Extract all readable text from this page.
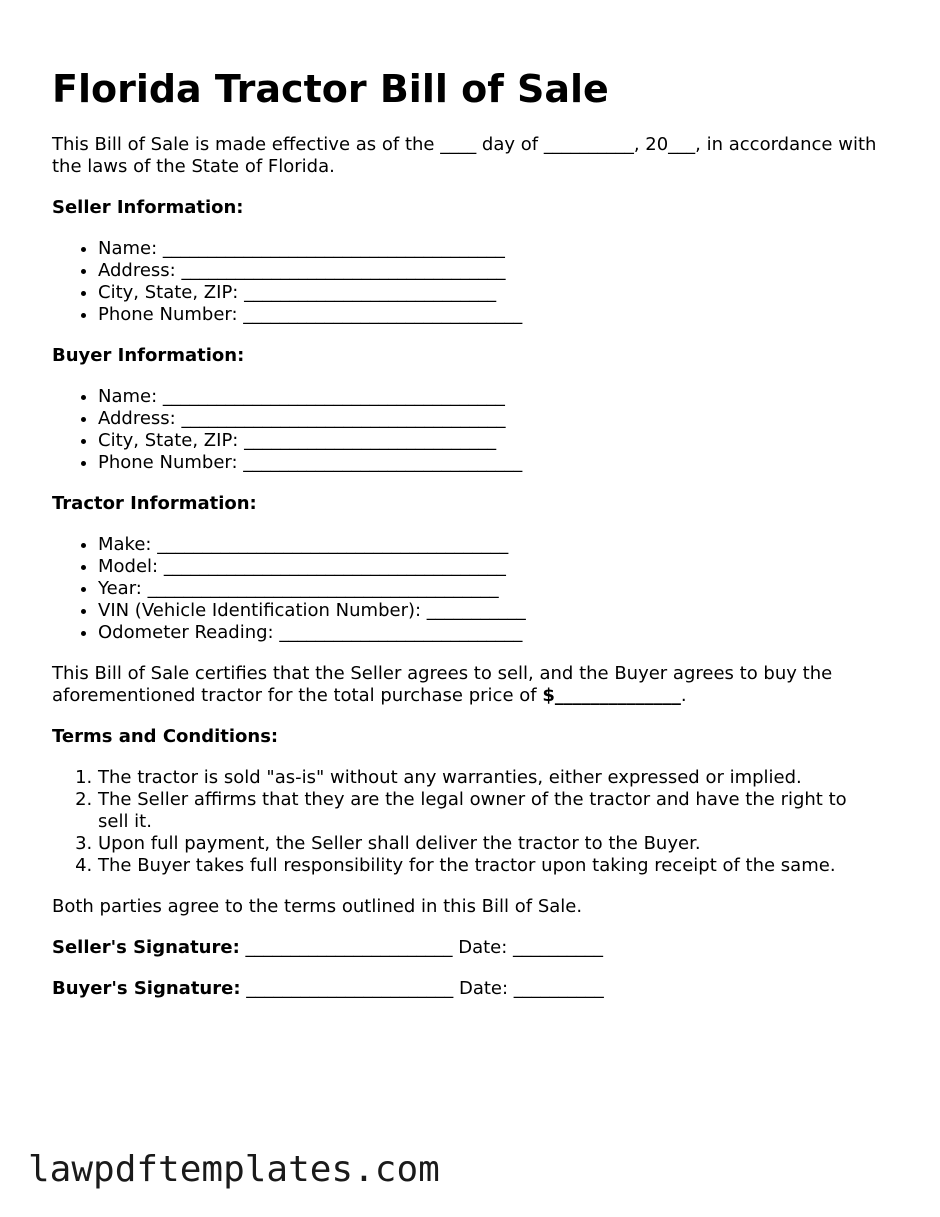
Florida Tractor Bill of Sale

This Bill of Sale is made effective as of the ____ day of __________, 20___, in accordance with the laws of the State of Florida.

Seller Information:

• Name: ______________________________________
• Address: ____________________________________
• City, State, ZIP: ____________________________
• Phone Number: _______________________________

Buyer Information:

• Name: ______________________________________
• Address: ____________________________________
• City, State, ZIP: ____________________________
• Phone Number: _______________________________

Tractor Information:

• Make: _______________________________________
• Model: ______________________________________
• Year: _______________________________________
• VIN (Vehicle Identification Number): ___________
• Odometer Reading: ___________________________

This Bill of Sale certifies that the Seller agrees to sell, and the Buyer agrees to buy the aforementioned tractor for the total purchase price of $______________.

Terms and Conditions:

1. The tractor is sold "as-is" without any warranties, either expressed or implied.
2. The Seller affirms that they are the legal owner of the tractor and have the right to sell it.
3. Upon full payment, the Seller shall deliver the tractor to the Buyer.
4. The Buyer takes full responsibility for the tractor upon taking receipt of the same.

Both parties agree to the terms outlined in this Bill of Sale.

Seller's Signature: _______________________ Date: __________

Buyer's Signature: _______________________ Date: __________

lawpdftemplates.com
